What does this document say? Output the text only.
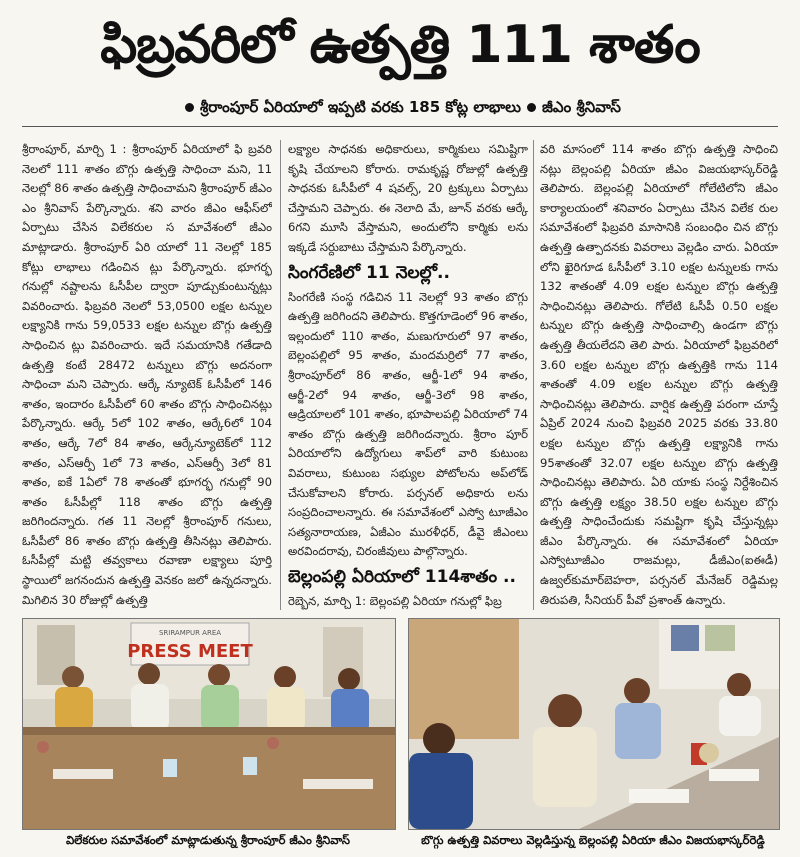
ఫిబ్రవరిలో ఉత్పత్తి 111 శాతం
శ్రీరాంపూర్ ఏరియాలో ఇప్పటి వరకు 185 కోట్ల లాభాలు జీఎం శ్రీనివాస్

శ్రీరాంపూర్, మార్చి 1 : శ్రీరాంపూర్ ఏరియాలో ఫి బ్రవరి నెలలో 111 శాతం బొగ్గు ఉత్పత్తి సాధించా మని, 11 నెలల్లో 86 శాతం ఉత్పత్తి సాధించామని శ్రీరాంపూర్ జీఎం ఎం శ్రీనివాస్ పేర్కొన్నారు. శని వారం జీఎం ఆఫీస్‌లో ఏర్పాటు చేసిన విలేకరుల స మావేశంలో జీఎం మాట్లాడారు. శ్రీరాంపూర్ ఏరి యాలో 11 నెలల్లో 185 కోట్లు లాభాలు గడించిన ట్లు పేర్కొన్నారు. భూగర్భ గనుల్లో నష్టాలను ఓసీపీల ద్వారా పూడ్చుకుంటున్నట్లు వివరించారు. ఫిబ్రవరి నెలలో 53,0500 లక్షల టన్నుల లక్ష్యానికి గాను 59,0533 లక్షల టన్నుల బొగ్గు ఉత్పత్తి సాధించిన ట్లు వివరించారు. ఇదే సమయానికి గతేడాది ఉత్పత్తి కంటే 28472 టన్నులు బొగ్గు అదనంగా సాధించా మని చెప్పారు. ఆర్కే న్యూటెక్ ఓసీపీలో 146 శాతం, ఇందారం ఓసీపీలో 60 శాతం బొగ్గు సాధించినట్లు పేర్కొన్నారు. ఆర్కే 5లో 102 శాతం, ఆర్కే6లో 104 శాతం, ఆర్కే 7లో 84 శాతం, ఆర్కేన్యూటెక్‌లో 112 శాతం, ఎస్ఆర్పీ 1లో 73 శాతం, ఎస్ఆర్పీ 3లో 81 శాతం, ఐకే 1ఏలో 78 శాతంతో భూగర్భ గనుల్లో 90 శాతం ఓసీపీల్లో 118 శాతం బొగ్గు ఉత్పత్తి జరిగిందన్నారు. గత 11 నెలల్లో శ్రీరాంపూర్ గనులు, ఓసీపీలో 86 శాతం బొగ్గు ఉత్పత్తి తీసినట్లు తెలిపారు. ఓసీపీల్లో మట్టి తవ్వకాలు రవాణా లక్ష్యాలు పూర్తి స్థాయిలో జగనందున ఉత్పత్తి వెనకం జలో ఉన్నదన్నారు. మిగిలిన 30 రోజుల్లో ఉత్పత్తి

లక్ష్యాల సాధనకు అధికారులు, కార్మికులు సమిష్టిగా కృషి చేయాలని కోరారు. రామకృష్ణ రోజుల్లో ఉత్పత్తి సాధనకు ఓసీపీలో 4 షవల్స్, 20 ట్రక్కులు ఏర్పాటు చేస్తామని చెప్పారు. ఈ నెలాది మే, జూన్ వరకు ఆర్కే 6గని మూసి వేస్తామని, అందులోని కార్మికు లను ఇక్కడే సర్దుబాటు చేస్తామని పేర్కొన్నారు.

సింగరేణిలో 11 నెలల్లో..

సింగరేణి సంస్థ గడిచిన 11 నెలల్లో 93 శాతం బొగ్గు ఉత్పత్తి జరిగిందని తెలిపారు. కొత్తగూడెంలో 96 శాతం, ఇల్లందులో 110 శాతం, మణుగూరులో 97 శాతం, బెల్లంపల్లిలో 95 శాతం, మందమర్రిలో 77 శాతం, శ్రీరాంపూర్‌లో 86 శాతం, ఆర్జీ-1లో 94 శాతం, ఆర్జీ-2లో 94 శాతం, ఆర్జీ-3లో 98 శాతం, ఆడ్రియాలలో 101 శాతం, భూపాలపల్లి ఏరియాలో 74 శాతం బొగ్గు ఉత్పత్తి జరిగిందన్నారు. శ్రీరాం పూర్ ఏరియాలోని ఉద్యోగులు శాప్‌లో వారి కుటుంబ వివరాలు, కుటుంబ సభ్యుల పోటోలను అప్‌లోడ్ చేసుకోవాలని కోరారు. పర్సనల్ అధికారు లను సంప్రదించాలన్నారు. ఈ సమావేశంలో ఎస్వో టూజీఎం సత్యనారాయణ, ఏజీఎం మురళీధర్, డీవై జీఎంలు అరవిందరావు, చిరంజీవులు పాల్గొన్నారు.

బెల్లంపల్లి ఏరియాలో 114శాతం ..

రెబ్బెన, మార్చి 1: బెల్లంపల్లి ఏరియా గనుల్లో ఫిబ్ర

వరి మాసంలో 114 శాతం బొగ్గు ఉత్పత్తి సాధించి నట్లు బెల్లంపల్లి ఏరియా జీఎం విజయభాస్కర్‌రెడ్డి తెలిపారు. బెల్లంపల్లి ఏరియాలో గోలేటిలోని జీఎం కార్యాలయంలో శనివారం ఏర్పాటు చేసిన విలేక రుల సమావేశంలో ఫిబ్రవరి మాసానికి సంబంధిం చిన బొగ్గు ఉత్పత్తి ఉత్పాదనకు వివరాలు వెల్లడిం చారు. ఏరియా లోని ఖైరిగూడ ఓసీపీలో 3.10 లక్షల టన్నులకు గాను 132 శాతంతో 4.09 లక్షల టన్నుల బొగ్గు ఉత్పత్తి సాధించినట్లు తెలిపారు. గోలేటి ఓసీపీ 0.50 లక్షల టన్నుల బొగ్గు ఉత్పత్తి సాధించాల్సి ఉండగా బొగ్గు ఉత్పత్తి తీయలేదని తెలి పారు. ఏరియాలో ఫిబ్రవరిలో 3.60 లక్షల టన్నుల బొగ్గు ఉత్పత్తికి గాను 114 శాతంతో 4.09 లక్షల టన్నుల బొగ్గు ఉత్పత్తి సాధించినట్లు తెలిపారు. వార్షిక ఉత్పత్తి పరంగా చూస్తే ఏప్రిల్ 2024 నుంచి ఫిబ్రవరి 2025 వరకు 33.80 లక్షల టన్నుల బొగ్గు ఉత్పత్తి లక్ష్యానికి గాను 95శాతంతో 32.07 లక్షల టన్నుల బొగ్గు ఉత్పత్తి సాధించినట్లు తెలిపారు. ఏరి యాకు సంస్థ నిర్దేశించిన బొగ్గు ఉత్పత్తి లక్ష్యం 38.50 లక్షల టన్నుల బొగ్గు ఉత్పత్తి సాధించేందుకు సమష్టిగా కృషి చేస్తున్నట్లు జీఎం పేర్కొన్నారు. ఈ సమావేశంలో ఏరియా ఎస్వోటూజీఎం రాజమల్లు, డీజీఎం(ఐఈడీ) ఉజ్వల్‌కుమార్‌బెహరా, పర్సనల్ మేనేజర్ రెడ్డిమల్ల తిరుపతి, సీనియర్ పీవో ప్రశాంత్ ఉన్నారు.

SRIRAMPUR AREA
PRESS MEET
విలేకరుల సమావేశంలో మాట్లాడుతున్న శ్రీరాంపూర్ జీఎం శ్రీనివాస్	బొగ్గు ఉత్పత్తి వివరాలు వెల్లడిస్తున్న బెల్లంపల్లి ఏరియా జీఎం విజయభాస్కర్‌రెడ్డి
